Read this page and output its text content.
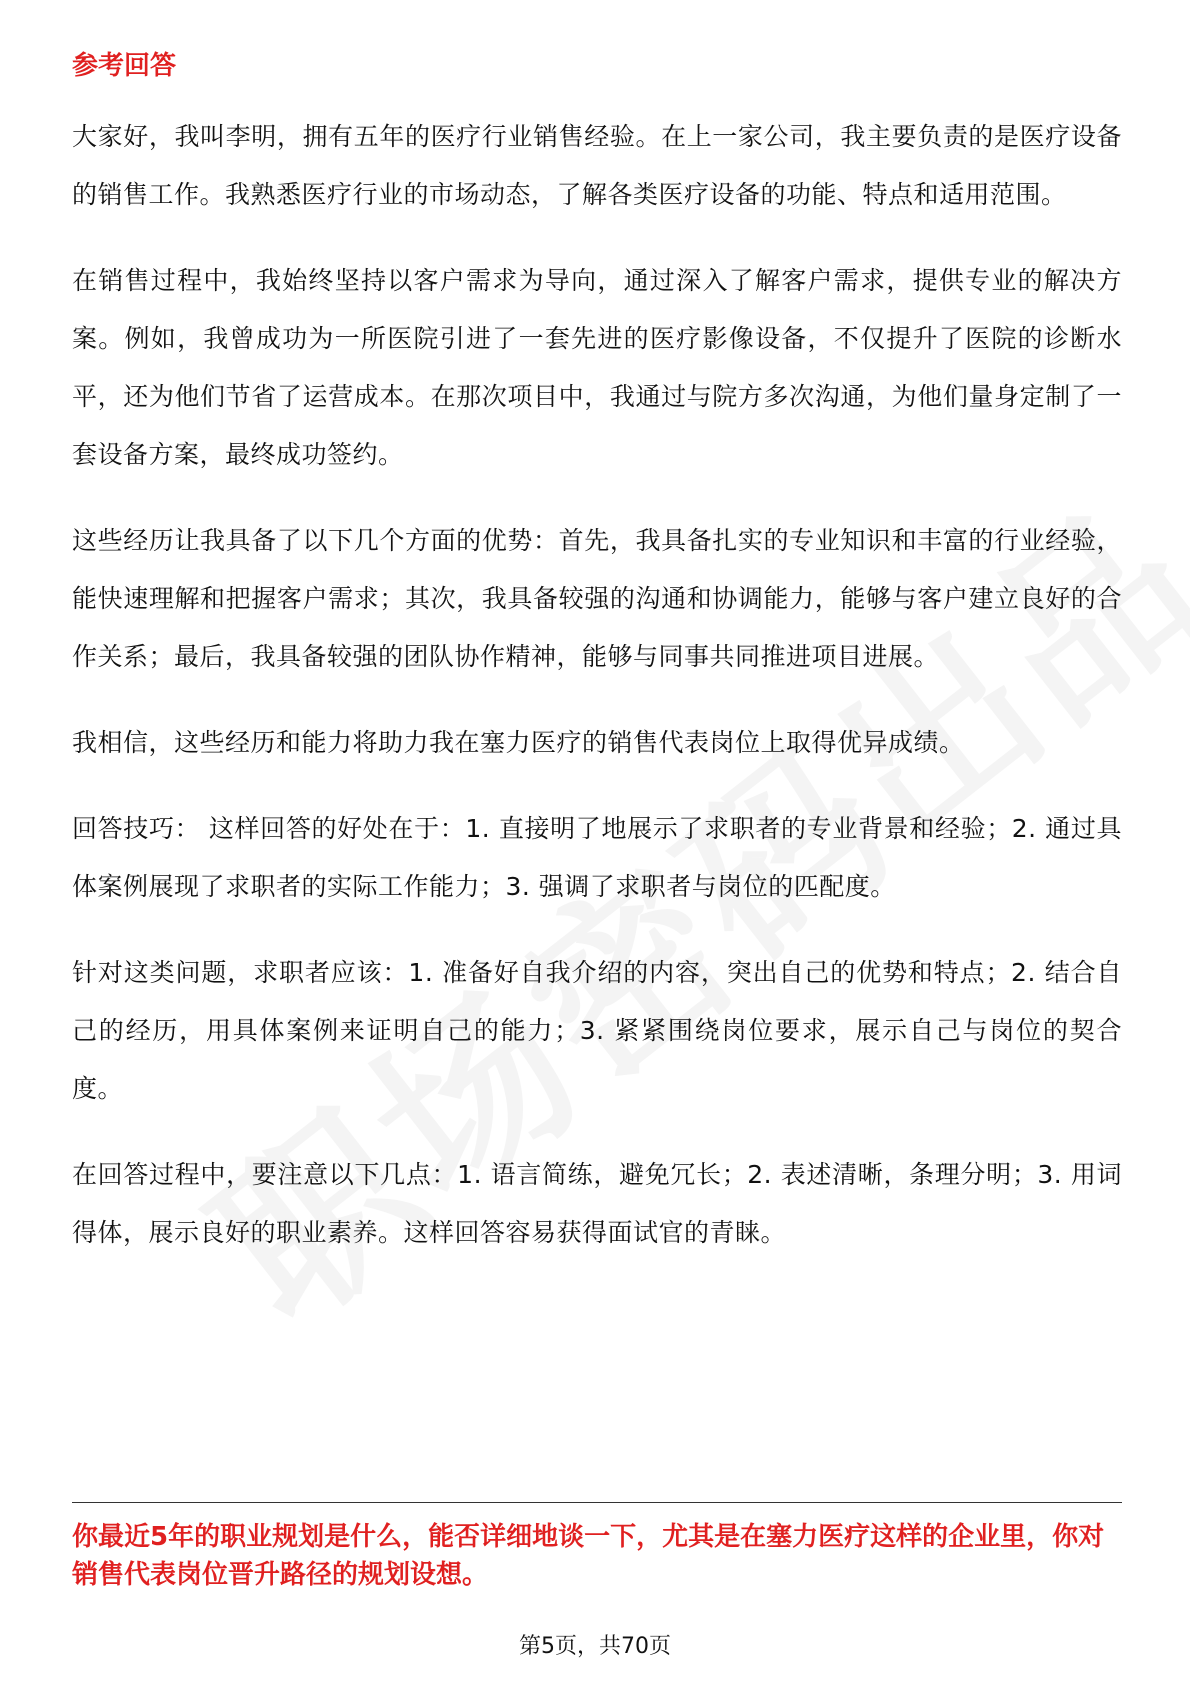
参考回答

大家好，我叫李明，拥有五年的医疗行业销售经验。在上一家公司，我主要负责的是医疗设备的销售工作。我熟悉医疗行业的市场动态，了解各类医疗设备的功能、特点和适用范围。

在销售过程中，我始终坚持以客户需求为导向，通过深入了解客户需求，提供专业的解决方案。例如，我曾成功为一所医院引进了一套先进的医疗影像设备，不仅提升了医院的诊断水平，还为他们节省了运营成本。在那次项目中，我通过与院方多次沟通，为他们量身定制了一套设备方案，最终成功签约。

这些经历让我具备了以下几个方面的优势：首先，我具备扎实的专业知识和丰富的行业经验，能快速理解和把握客户需求；其次，我具备较强的沟通和协调能力，能够与客户建立良好的合作关系；最后，我具备较强的团队协作精神，能够与同事共同推进项目进展。

我相信，这些经历和能力将助力我在塞力医疗的销售代表岗位上取得优异成绩。

回答技巧： 这样回答的好处在于：1. 直接明了地展示了求职者的专业背景和经验；2. 通过具体案例展现了求职者的实际工作能力；3. 强调了求职者与岗位的匹配度。

针对这类问题，求职者应该：1. 准备好自我介绍的内容，突出自己的优势和特点；2. 结合自己的经历，用具体案例来证明自己的能力；3. 紧紧围绕岗位要求，展示自己与岗位的契合度。

在回答过程中，要注意以下几点：1. 语言简练，避免冗长；2. 表述清晰，条理分明；3. 用词得体，展示良好的职业素养。这样回答容易获得面试官的青睐。

你最近5年的职业规划是什么，能否详细地谈一下，尤其是在塞力医疗这样的企业里，你对销售代表岗位晋升路径的规划设想。

第5页，共70页
